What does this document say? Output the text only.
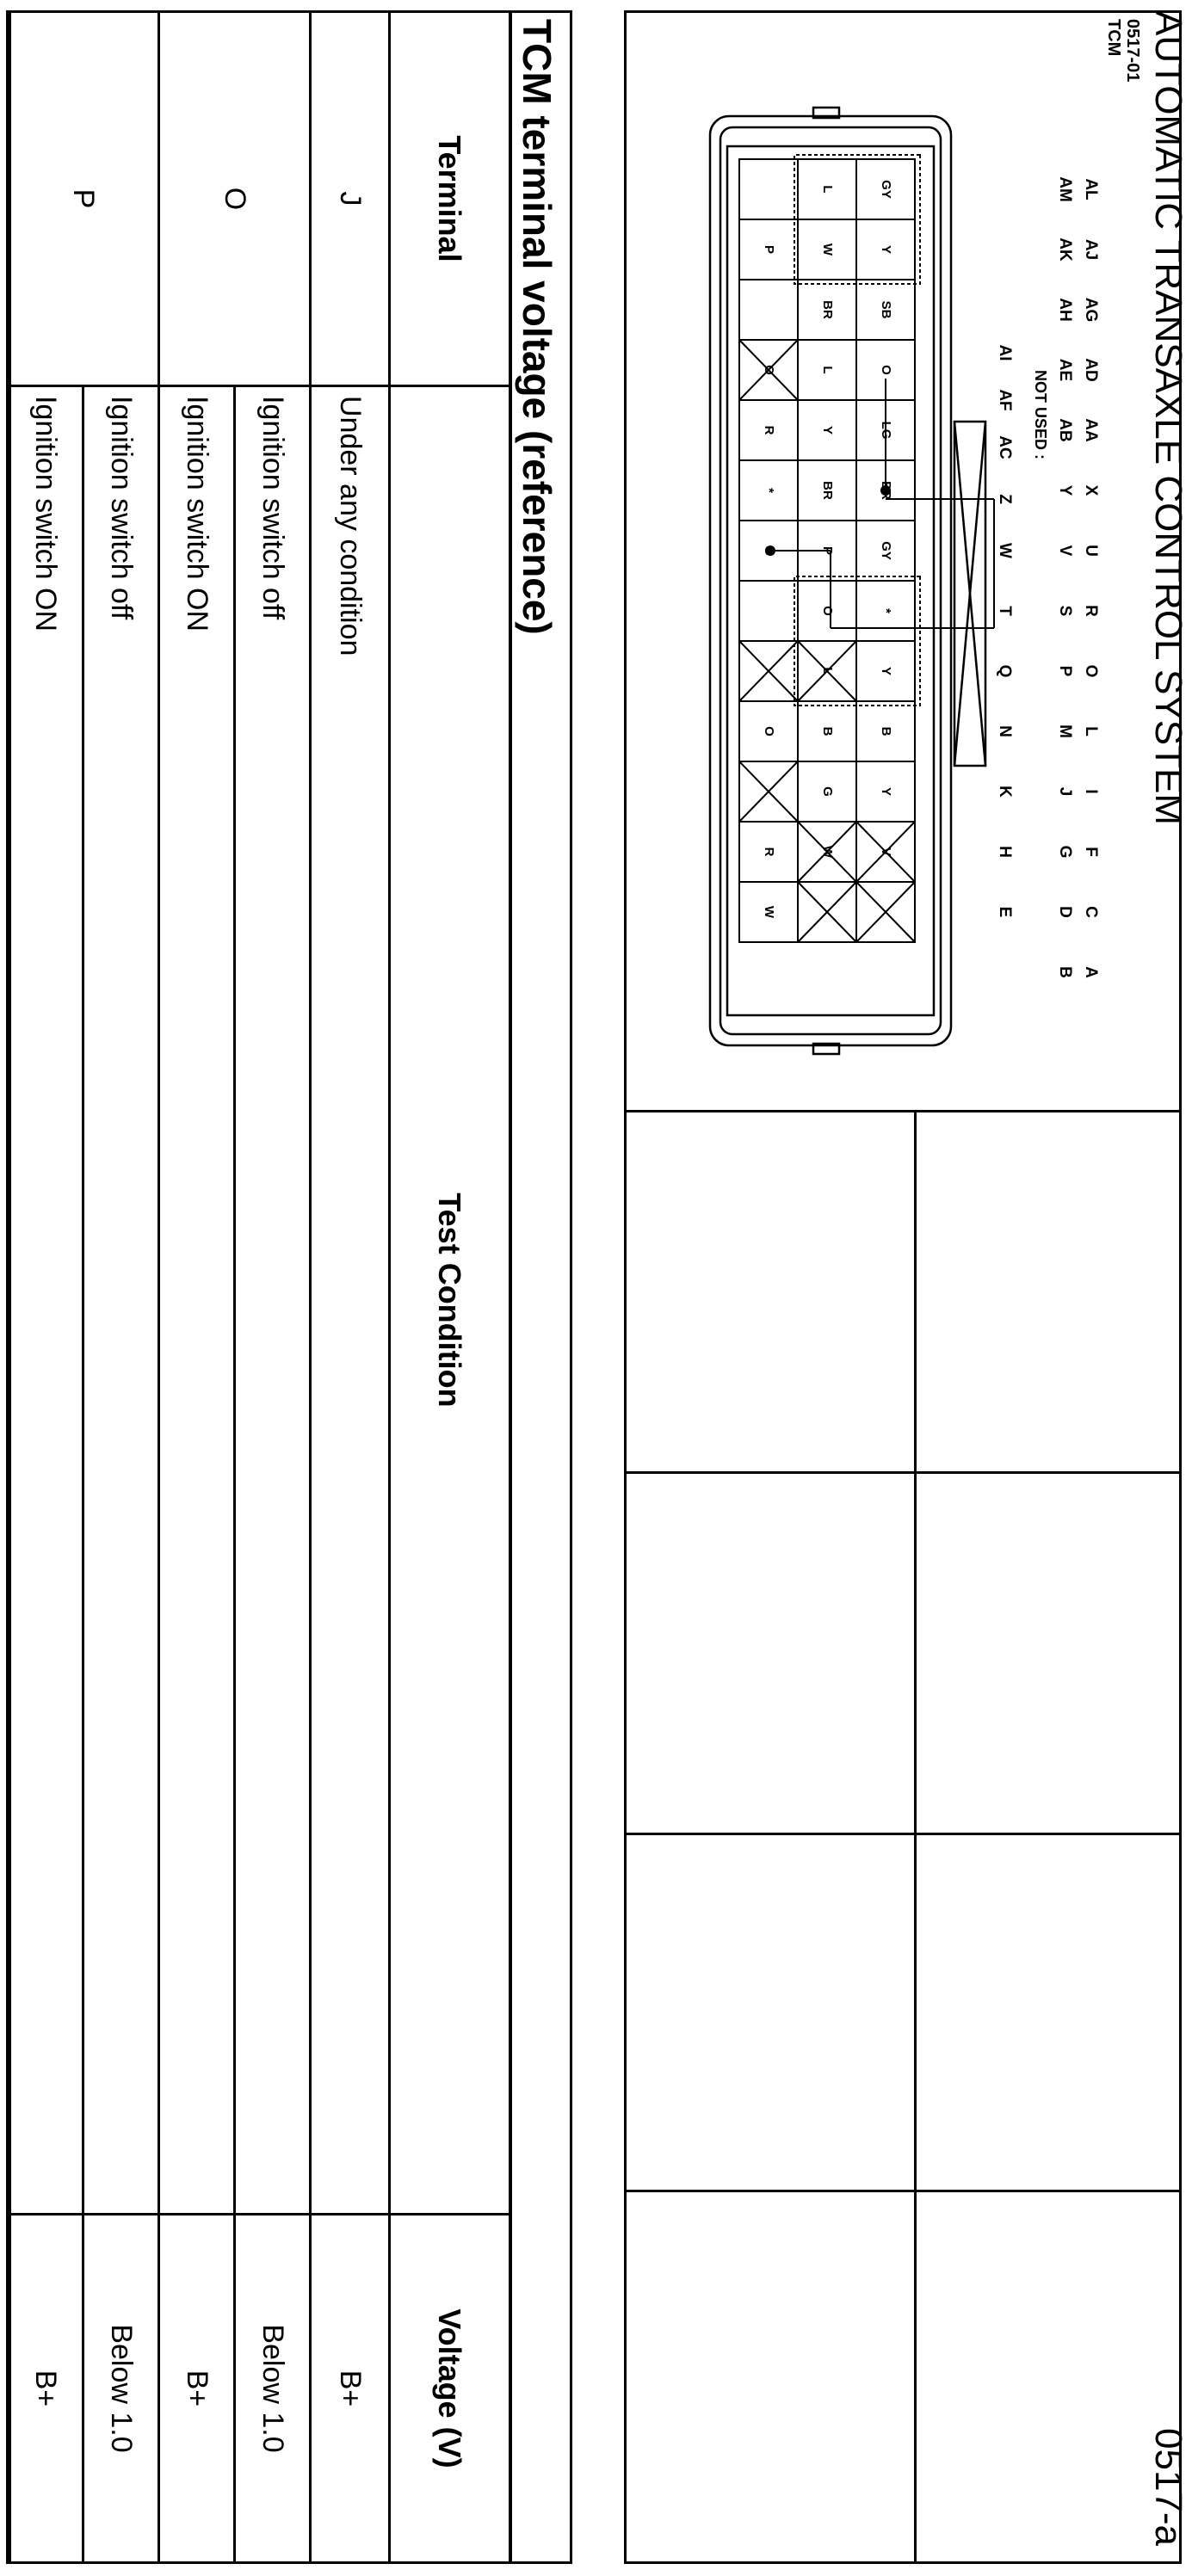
AUTOMATIC TRANSAXLE CONTROL SYSTEM
0517-a
0517-01
TCM
AL
AM
AJ
AK
AG
AH
AD
AE
AA
AB
X
Y
U
V
R
S
O
P
L
M
I
J
F
G
C
D
A
B
AI
AF
AC
Z
W
T
Q
N
K
H
E
NOT USED :
GY
Y
SB
O
LG
BR
GY
*
Y
B
Y
V
L
W
BR
L
Y
BR
P
O
L
B
G
W
P
O
R
*
G
O
R
W
TCM terminal voltage (reference)
Terminal	Test Condition	Voltage (V)
J	Under any condition	B+
O	Ignition switch off	Below 1.0
	Ignition switch ON	B+
P	Ignition switch off	Below 1.0
	Ignition switch ON	B+
